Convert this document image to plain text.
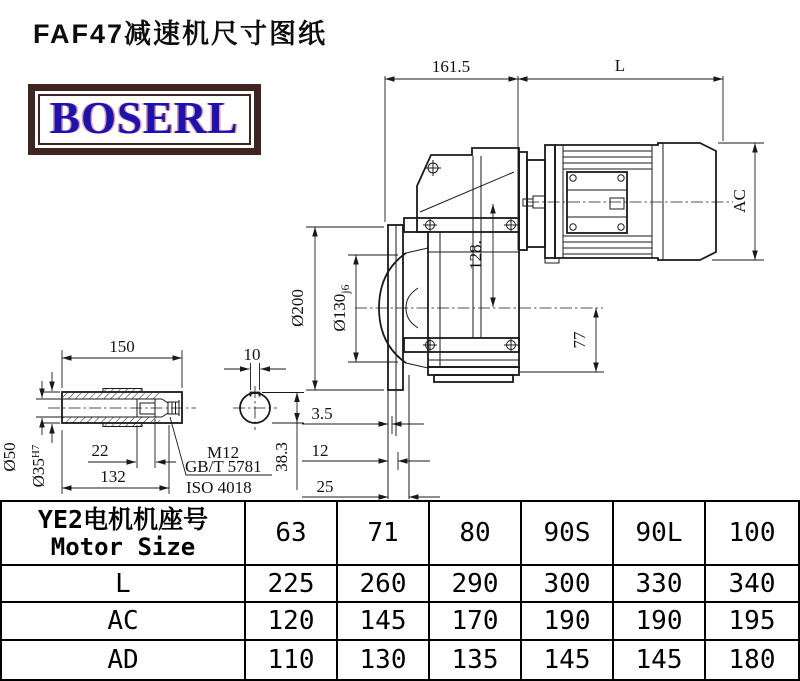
FAF47减速机尺寸图纸
BOSERL
161.5	L
AC
Ø200 $Ø130_{j6}$
128.
77
3.5
12
25
38.3
150	10
Ø50
$Ø35^{H7}$	22
132
M12
GB/T 5781
ISO 4018
YE2电机机座号
Motor Size	63	71	80	90S	90L	100
L	225	260	290	300	330	340
AC	120	145	170	190	190	195
AD	110	130	135	145	145	180
